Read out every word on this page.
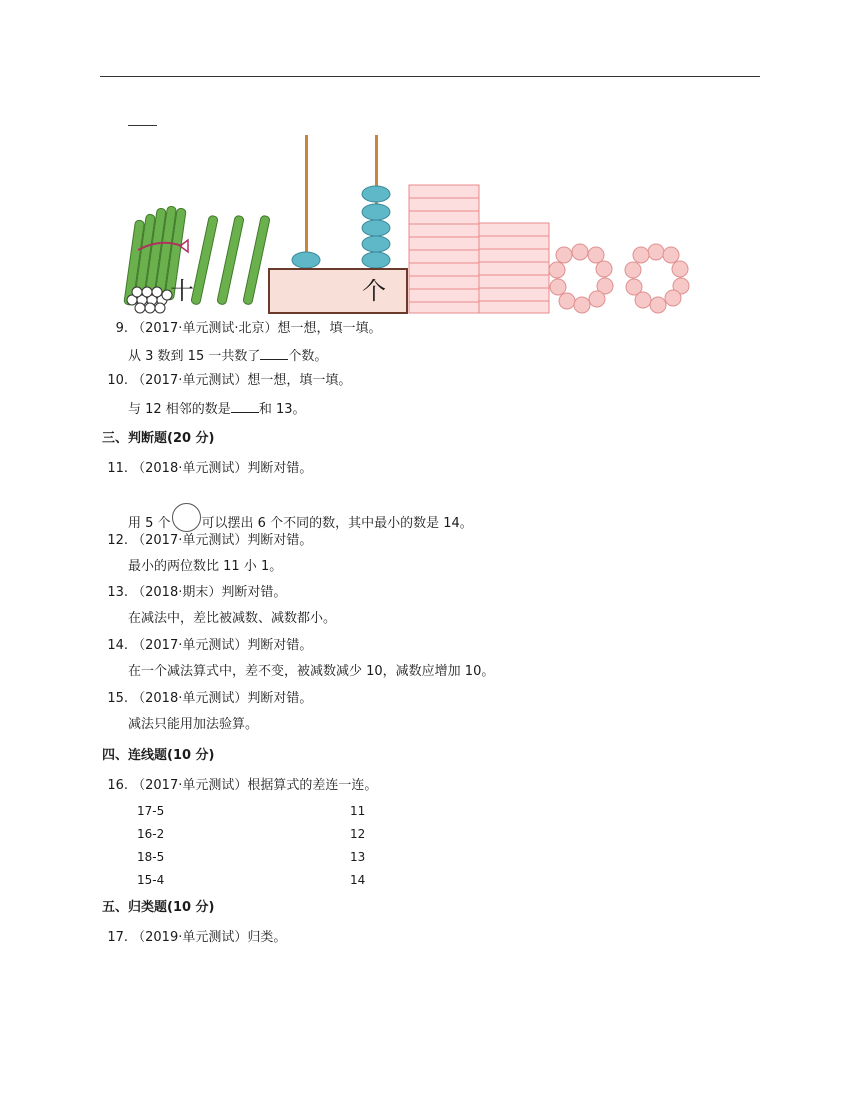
十	个
9. （2017·单元测试·北京）想一想，填一填。
从 3 数到 15 一共数了 个数。
10. （2017·单元测试）想一想，填一填。
与 12 相邻的数是 和 13。
三、判断题(20 分)
11. （2018·单元测试）判断对错。
用 5 个 可以摆出 6 个不同的数，其中最小的数是 14。
12. （2017·单元测试）判断对错。
最小的两位数比 11 小 1。
13. （2018·期末）判断对错。
在减法中，差比被减数、减数都小。
14. （2017·单元测试）判断对错。
在一个减法算式中，差不变，被减数减少 10，减数应增加 10。
15. （2018·单元测试）判断对错。
减法只能用加法验算。
四、连线题(10 分)
16. （2017·单元测试）根据算式的差连一连。
17-5	11
16-2	12
18-5	13
15-4	14
五、归类题(10 分)
17. （2019·单元测试）归类。
